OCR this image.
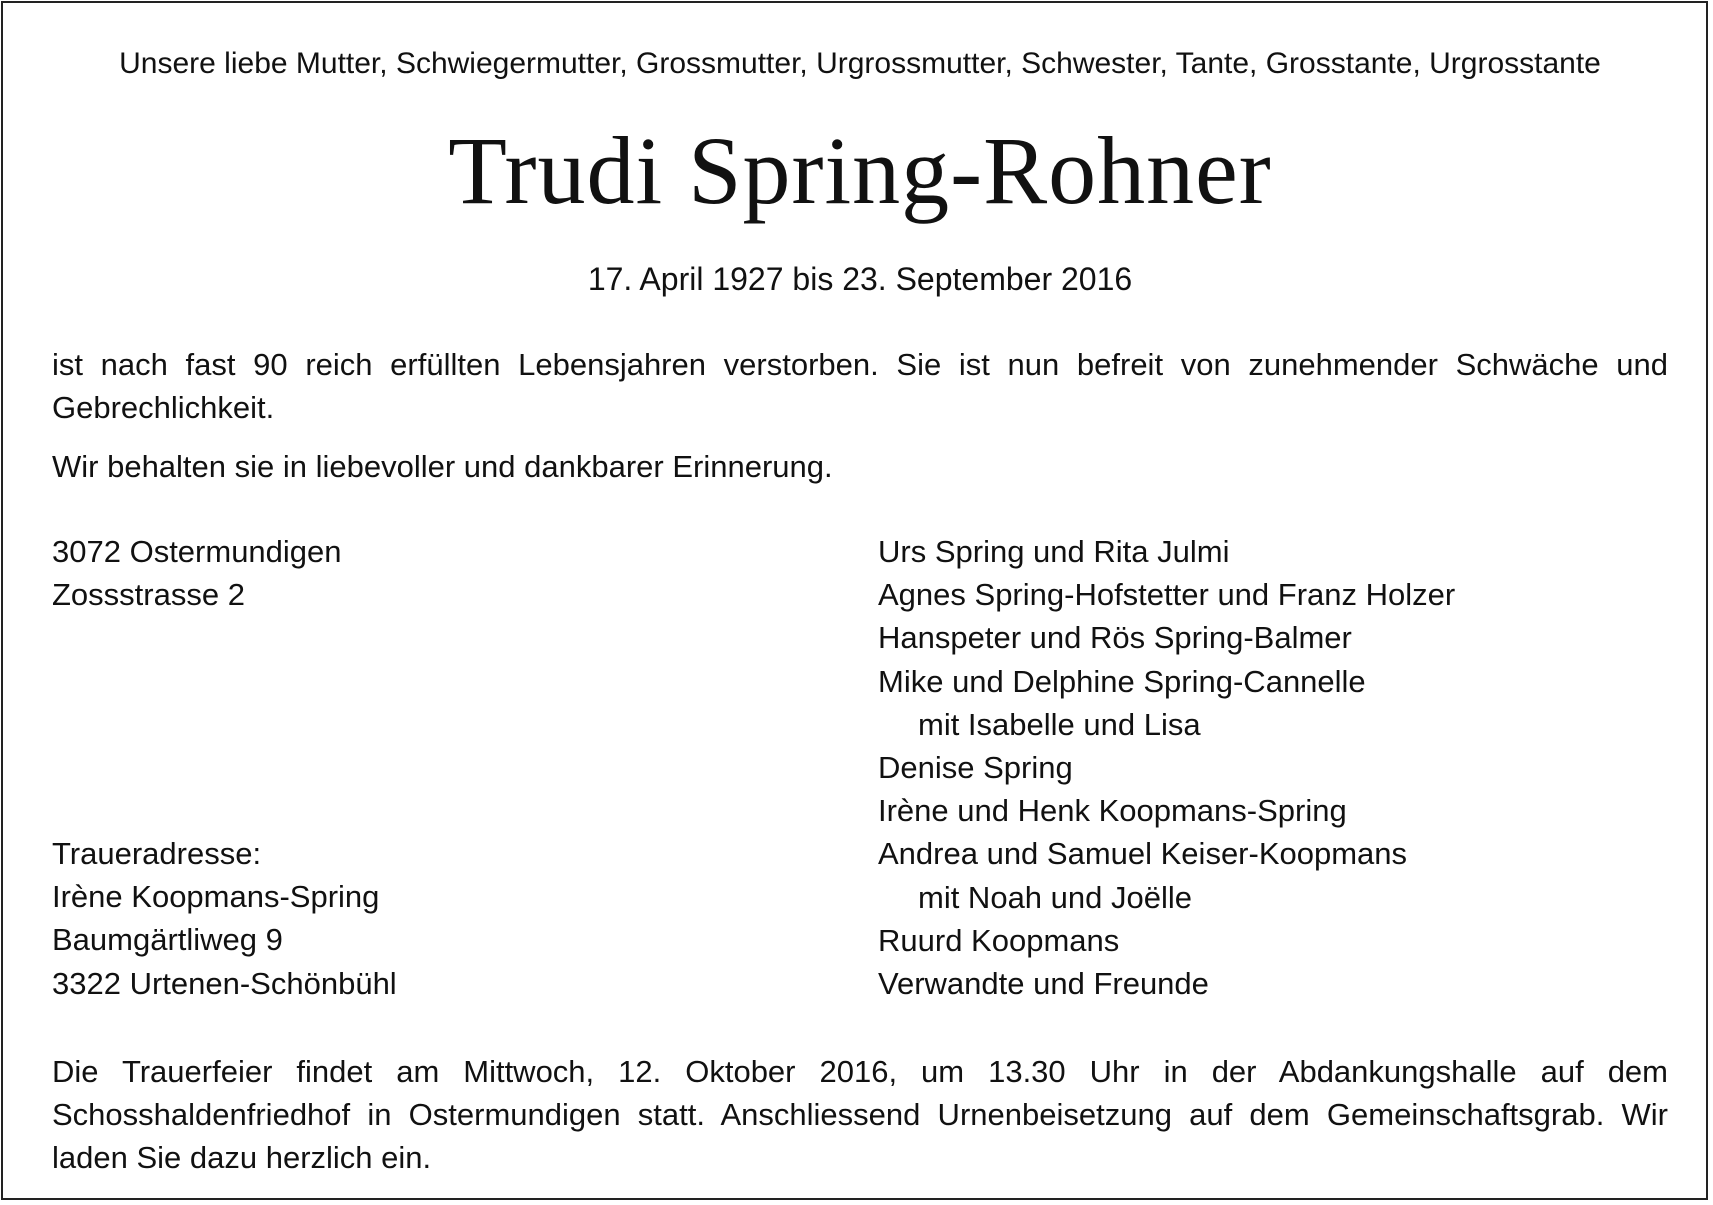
Unsere liebe Mutter, Schwiegermutter, Grossmutter, Urgrossmutter, Schwester, Tante, Grosstante, Urgrosstante
Trudi Spring-Rohner
17. April 1927 bis 23. September 2016
ist nach fast 90 reich erfüllten Lebensjahren verstorben. Sie ist nun befreit von zunehmender Schwäche und Gebrechlichkeit.
Wir behalten sie in liebevoller und dankbarer Erinnerung.
3072 Ostermundigen
Zossstrasse 2
Traueradresse:
Irène Koopmans-Spring
Baumgärtliweg 9
3322 Urtenen-Schönbühl
Urs Spring und Rita Julmi
Agnes Spring-Hofstetter und Franz Holzer
Hanspeter und Rös Spring-Balmer
Mike und Delphine Spring-Cannelle
mit Isabelle und Lisa
Denise Spring
Irène und Henk Koopmans-Spring
Andrea und Samuel Keiser-Koopmans
mit Noah und Joëlle
Ruurd Koopmans
Verwandte und Freunde
Die Trauerfeier findet am Mittwoch, 12. Oktober 2016, um 13.30 Uhr in der Abdankungshalle auf dem Schosshaldenfriedhof in Ostermundigen statt. Anschliessend Urnenbeisetzung auf dem Gemeinschaftsgrab. Wir laden Sie dazu herzlich ein.
